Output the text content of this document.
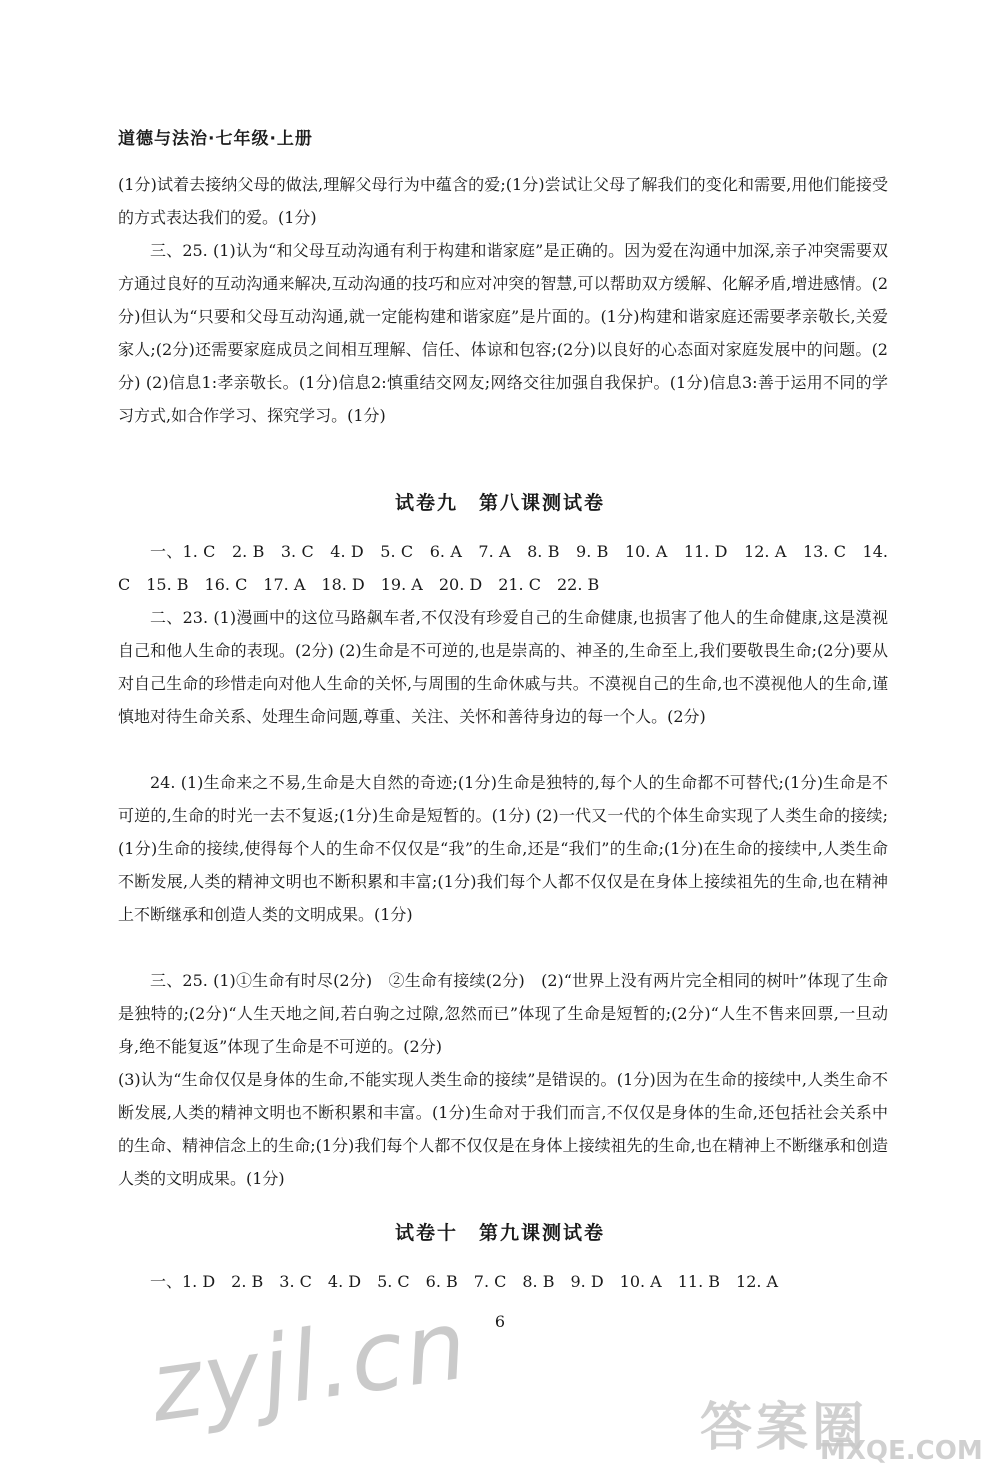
道德与法治·七年级·上册
(1分)试着去接纳父母的做法,理解父母行为中蕴含的爱;(1分)尝试让父母了解我们的变化和需要,用他们能接受的方式表达我们的爱。(1分)
三、25. (1)认为“和父母互动沟通有利于构建和谐家庭”是正确的。因为爱在沟通中加深,亲子冲突需要双方通过良好的互动沟通来解决,互动沟通的技巧和应对冲突的智慧,可以帮助双方缓解、化解矛盾,增进感情。(2分)但认为“只要和父母互动沟通,就一定能构建和谐家庭”是片面的。(1分)构建和谐家庭还需要孝亲敬长,关爱家人;(2分)还需要家庭成员之间相互理解、信任、体谅和包容;(2分)以良好的心态面对家庭发展中的问题。(2分) (2)信息1:孝亲敬长。(1分)信息2:慎重结交网友;网络交往加强自我保护。(1分)信息3:善于运用不同的学习方式,如合作学习、探究学习。(1分)
试卷九　第八课测试卷
一、1. C　2. B　3. C　4. D　5. C　6. A　7. A　8. B　9. B　10. A　11. D　12. A　13. C　14. C　15. B　16. C　17. A　18. D　19. A　20. D　21. C　22. B
二、23. (1)漫画中的这位马路飙车者,不仅没有珍爱自己的生命健康,也损害了他人的生命健康,这是漠视自己和他人生命的表现。(2分) (2)生命是不可逆的,也是崇高的、神圣的,生命至上,我们要敬畏生命;(2分)要从对自己生命的珍惜走向对他人生命的关怀,与周围的生命休戚与共。不漠视自己的生命,也不漠视他人的生命,谨慎地对待生命关系、处理生命问题,尊重、关注、关怀和善待身边的每一个人。(2分)
24. (1)生命来之不易,生命是大自然的奇迹;(1分)生命是独特的,每个人的生命都不可替代;(1分)生命是不可逆的,生命的时光一去不复返;(1分)生命是短暂的。(1分) (2)一代又一代的个体生命实现了人类生命的接续;(1分)生命的接续,使得每个人的生命不仅仅是“我”的生命,还是“我们”的生命;(1分)在生命的接续中,人类生命不断发展,人类的精神文明也不断积累和丰富;(1分)我们每个人都不仅仅是在身体上接续祖先的生命,也在精神上不断继承和创造人类的文明成果。(1分)
三、25. (1)①生命有时尽(2分)　②生命有接续(2分)　(2)“世界上没有两片完全相同的树叶”体现了生命是独特的;(2分)“人生天地之间,若白驹之过隙,忽然而已”体现了生命是短暂的;(2分)“人生不售来回票,一旦动身,绝不能复返”体现了生命是不可逆的。(2分)
(3)认为“生命仅仅是身体的生命,不能实现人类生命的接续”是错误的。(1分)因为在生命的接续中,人类生命不断发展,人类的精神文明也不断积累和丰富。(1分)生命对于我们而言,不仅仅是身体的生命,还包括社会关系中的生命、精神信念上的生命;(1分)我们每个人都不仅仅是在身体上接续祖先的生命,也在精神上不断继承和创造人类的文明成果。(1分)
试卷十　第九课测试卷
一、1. D　2. B　3. C　4. D　5. C　6. B　7. C　8. B　9. D　10. A　11. B　12. A
6
zyjl.cn	答案圈
MXQE.COM
